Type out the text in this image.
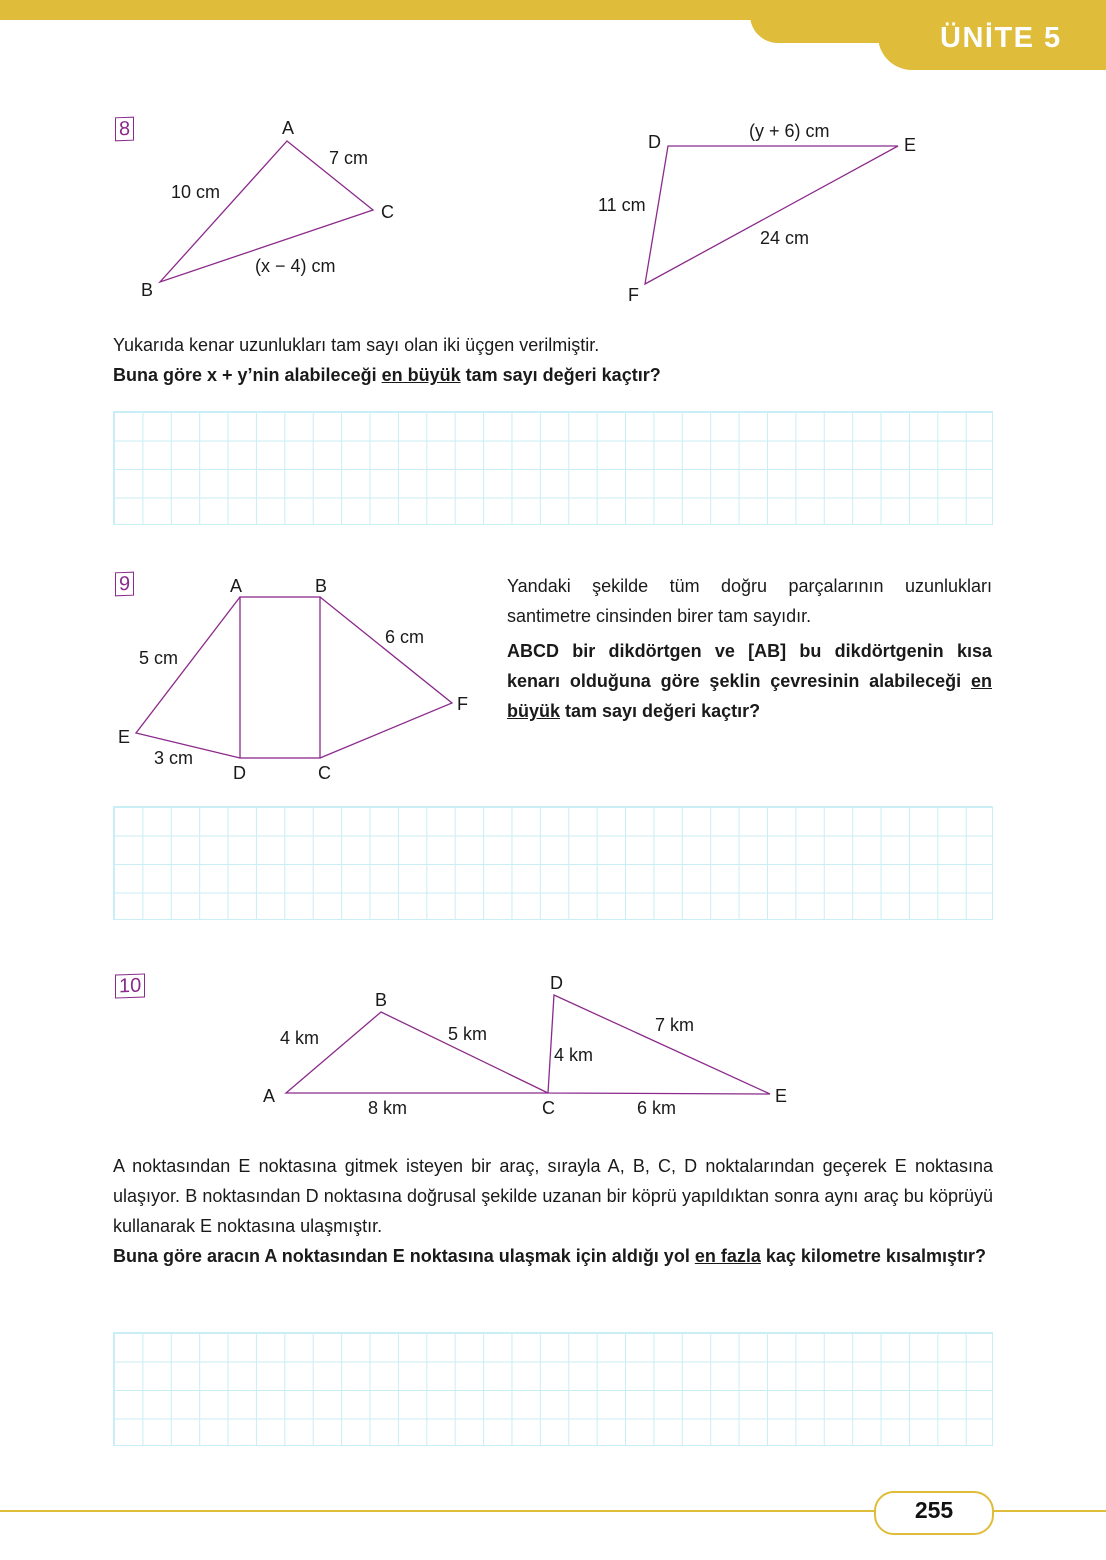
ÜNİTE 5
8	A
7 cm
C
10 cm
(x − 4) cm
B
D
(y + 6) cm
E
11 cm
24 cm
F
Yukarıda kenar uzunlukları tam sayı olan iki üçgen verilmiştir.
Buna göre x + y’nin alabileceği en büyük tam sayı değeri kaçtır?
9	A	B
5 cm
6 cm
F
E
3 cm
D	C
Yandaki şekilde tüm doğru parçalarının uzunlukları santimetre cinsinden birer tam sayıdır.
ABCD bir dikdörtgen ve [AB] bu dikdörtgenin kısa kenarı olduğuna göre şeklin çevresinin alabileceği en büyük tam sayı değeri kaçtır?
10
B
D
4 km	5 km	7 km
4 km
A
8 km	C	6 km
E
A noktasından E noktasına gitmek isteyen bir araç, sırayla A, B, C, D noktalarından geçerek E noktasına ulaşıyor. B noktasından D noktasına doğrusal şekilde uzanan bir köprü yapıldıktan sonra aynı araç bu köprüyü kullanarak E noktasına ulaşmıştır.
Buna göre aracın A noktasından E noktasına ulaşmak için aldığı yol en fazla kaç kilometre kısalmıştır?
255
